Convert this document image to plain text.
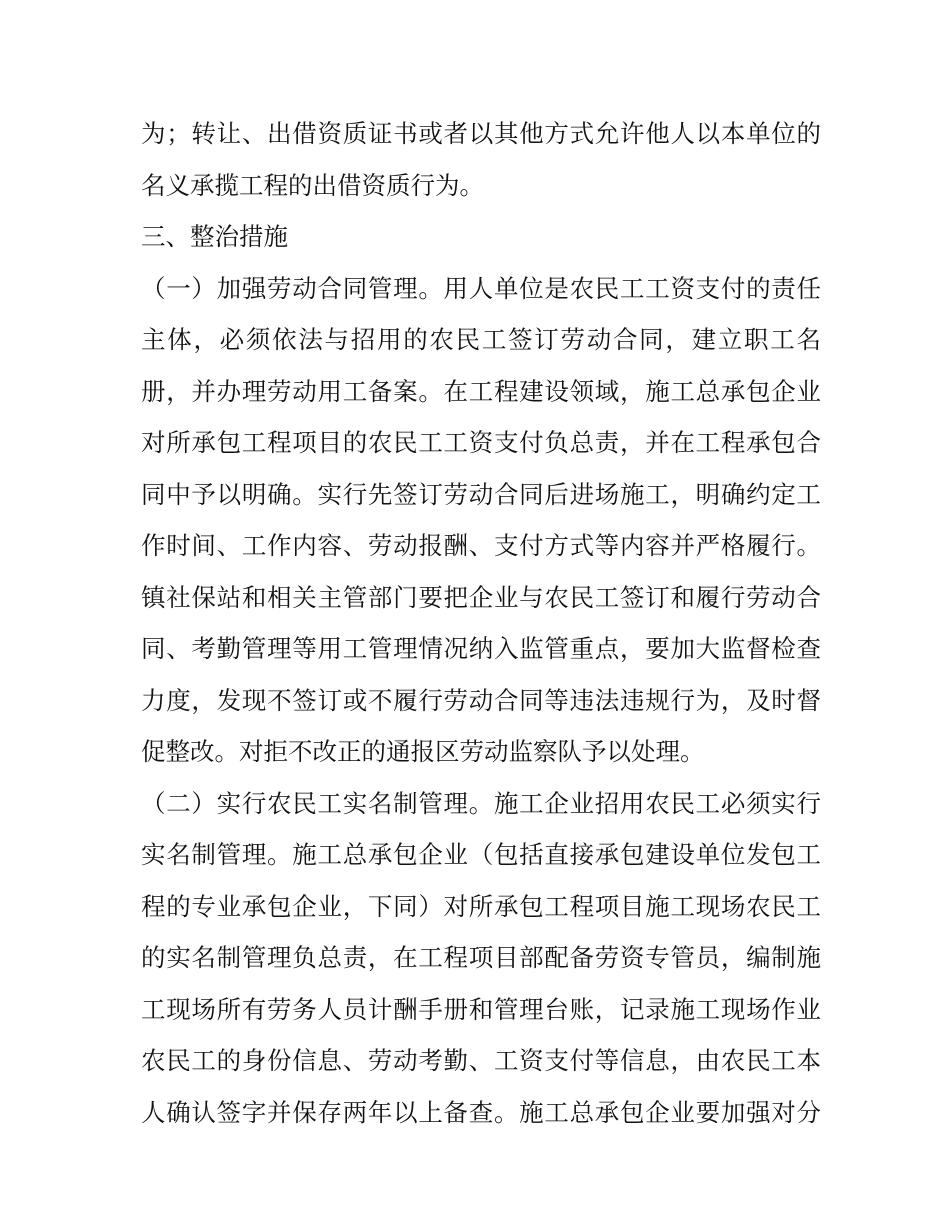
为；转让、出借资质证书或者以其他方式允许他人以本单位的
名义承揽工程的出借资质行为。
三、整治措施
（一）加强劳动合同管理。用人单位是农民工工资支付的责任
主体，必须依法与招用的农民工签订劳动合同，建立职工名
册，并办理劳动用工备案。在工程建设领域，施工总承包企业
对所承包工程项目的农民工工资支付负总责，并在工程承包合
同中予以明确。实行先签订劳动合同后进场施工，明确约定工
作时间、工作内容、劳动报酬、支付方式等内容并严格履行。
镇社保站和相关主管部门要把企业与农民工签订和履行劳动合
同、考勤管理等用工管理情况纳入监管重点，要加大监督检查
力度，发现不签订或不履行劳动合同等违法违规行为，及时督
促整改。对拒不改正的通报区劳动监察队予以处理。
（二）实行农民工实名制管理。施工企业招用农民工必须实行
实名制管理。施工总承包企业（包括直接承包建设单位发包工
程的专业承包企业，下同）对所承包工程项目施工现场农民工
的实名制管理负总责，在工程项目部配备劳资专管员，编制施
工现场所有劳务人员计酬手册和管理台账，记录施工现场作业
农民工的身份信息、劳动考勤、工资支付等信息，由农民工本
人确认签字并保存两年以上备查。施工总承包企业要加强对分
